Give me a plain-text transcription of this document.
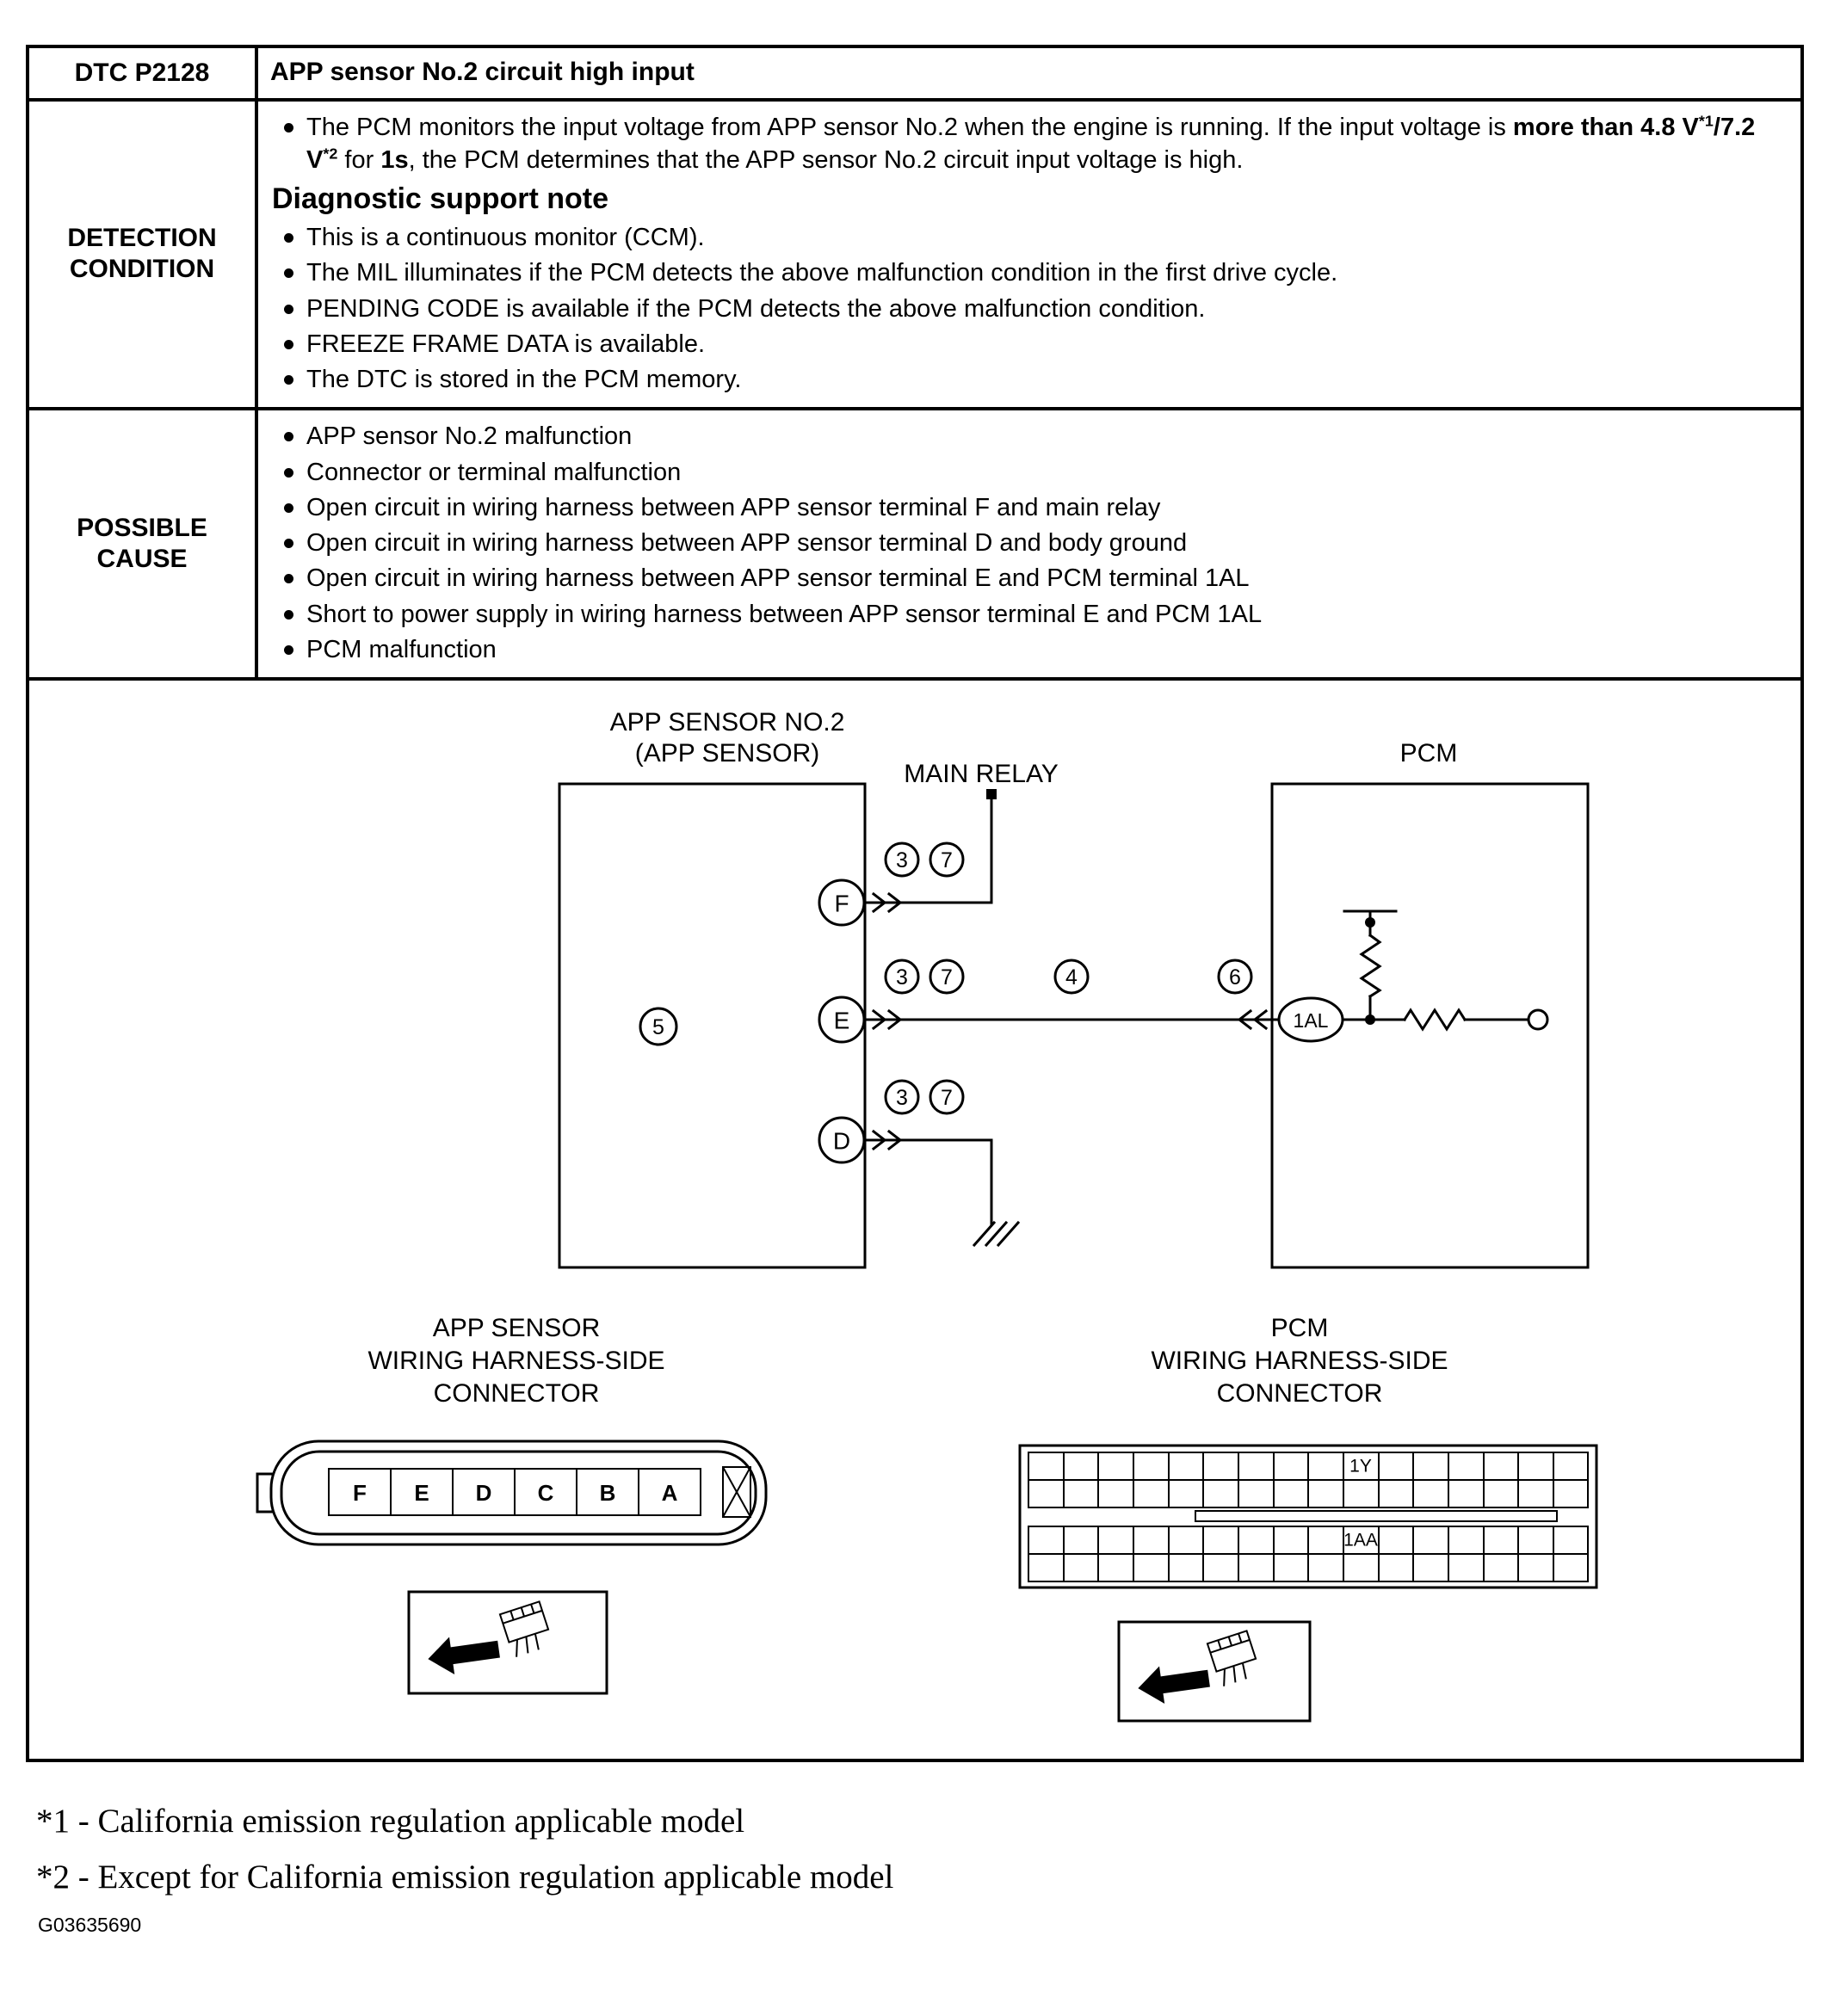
DTC P2128 APP sensor No.2 circuit high input
DETECTION CONDITION
The PCM monitors the input voltage from APP sensor No.2 when the engine is running. If the input voltage is more than 4.8 $V^{*1}/7.2$ $V^{*2}$ for 1s, the PCM determines that the APP sensor No.2 circuit input voltage is high.
Diagnostic support note
This is a continuous monitor (CCM).
The MIL illuminates if the PCM detects the above malfunction condition in the first drive cycle.
PENDING CODE is available if the PCM detects the above malfunction condition.
FREEZE FRAME DATA is available.
The DTC is stored in the PCM memory.
POSSIBLE CAUSE
APP sensor No.2 malfunction
Connector or terminal malfunction
Open circuit in wiring harness between APP sensor terminal F and main relay
Open circuit in wiring harness between APP sensor terminal D and body ground
Open circuit in wiring harness between APP sensor terminal E and PCM terminal 1AL
Short to power supply in wiring harness between APP sensor terminal E and PCM 1AL
PCM malfunction
APP SENSOR NO.2
(APP SENSOR)
MAIN RELAY
PCM
F
3 7
E
3 7	4	6
5
D
3 7
1AL
APP SENSOR
WIRING HARNESS-SIDE
CONNECTOR
PCM
WIRING HARNESS-SIDE
CONNECTOR
F E D C B A
1Y
1AA
*1 - California emission regulation applicable model
*2 - Except for California emission regulation applicable model
G03635690
